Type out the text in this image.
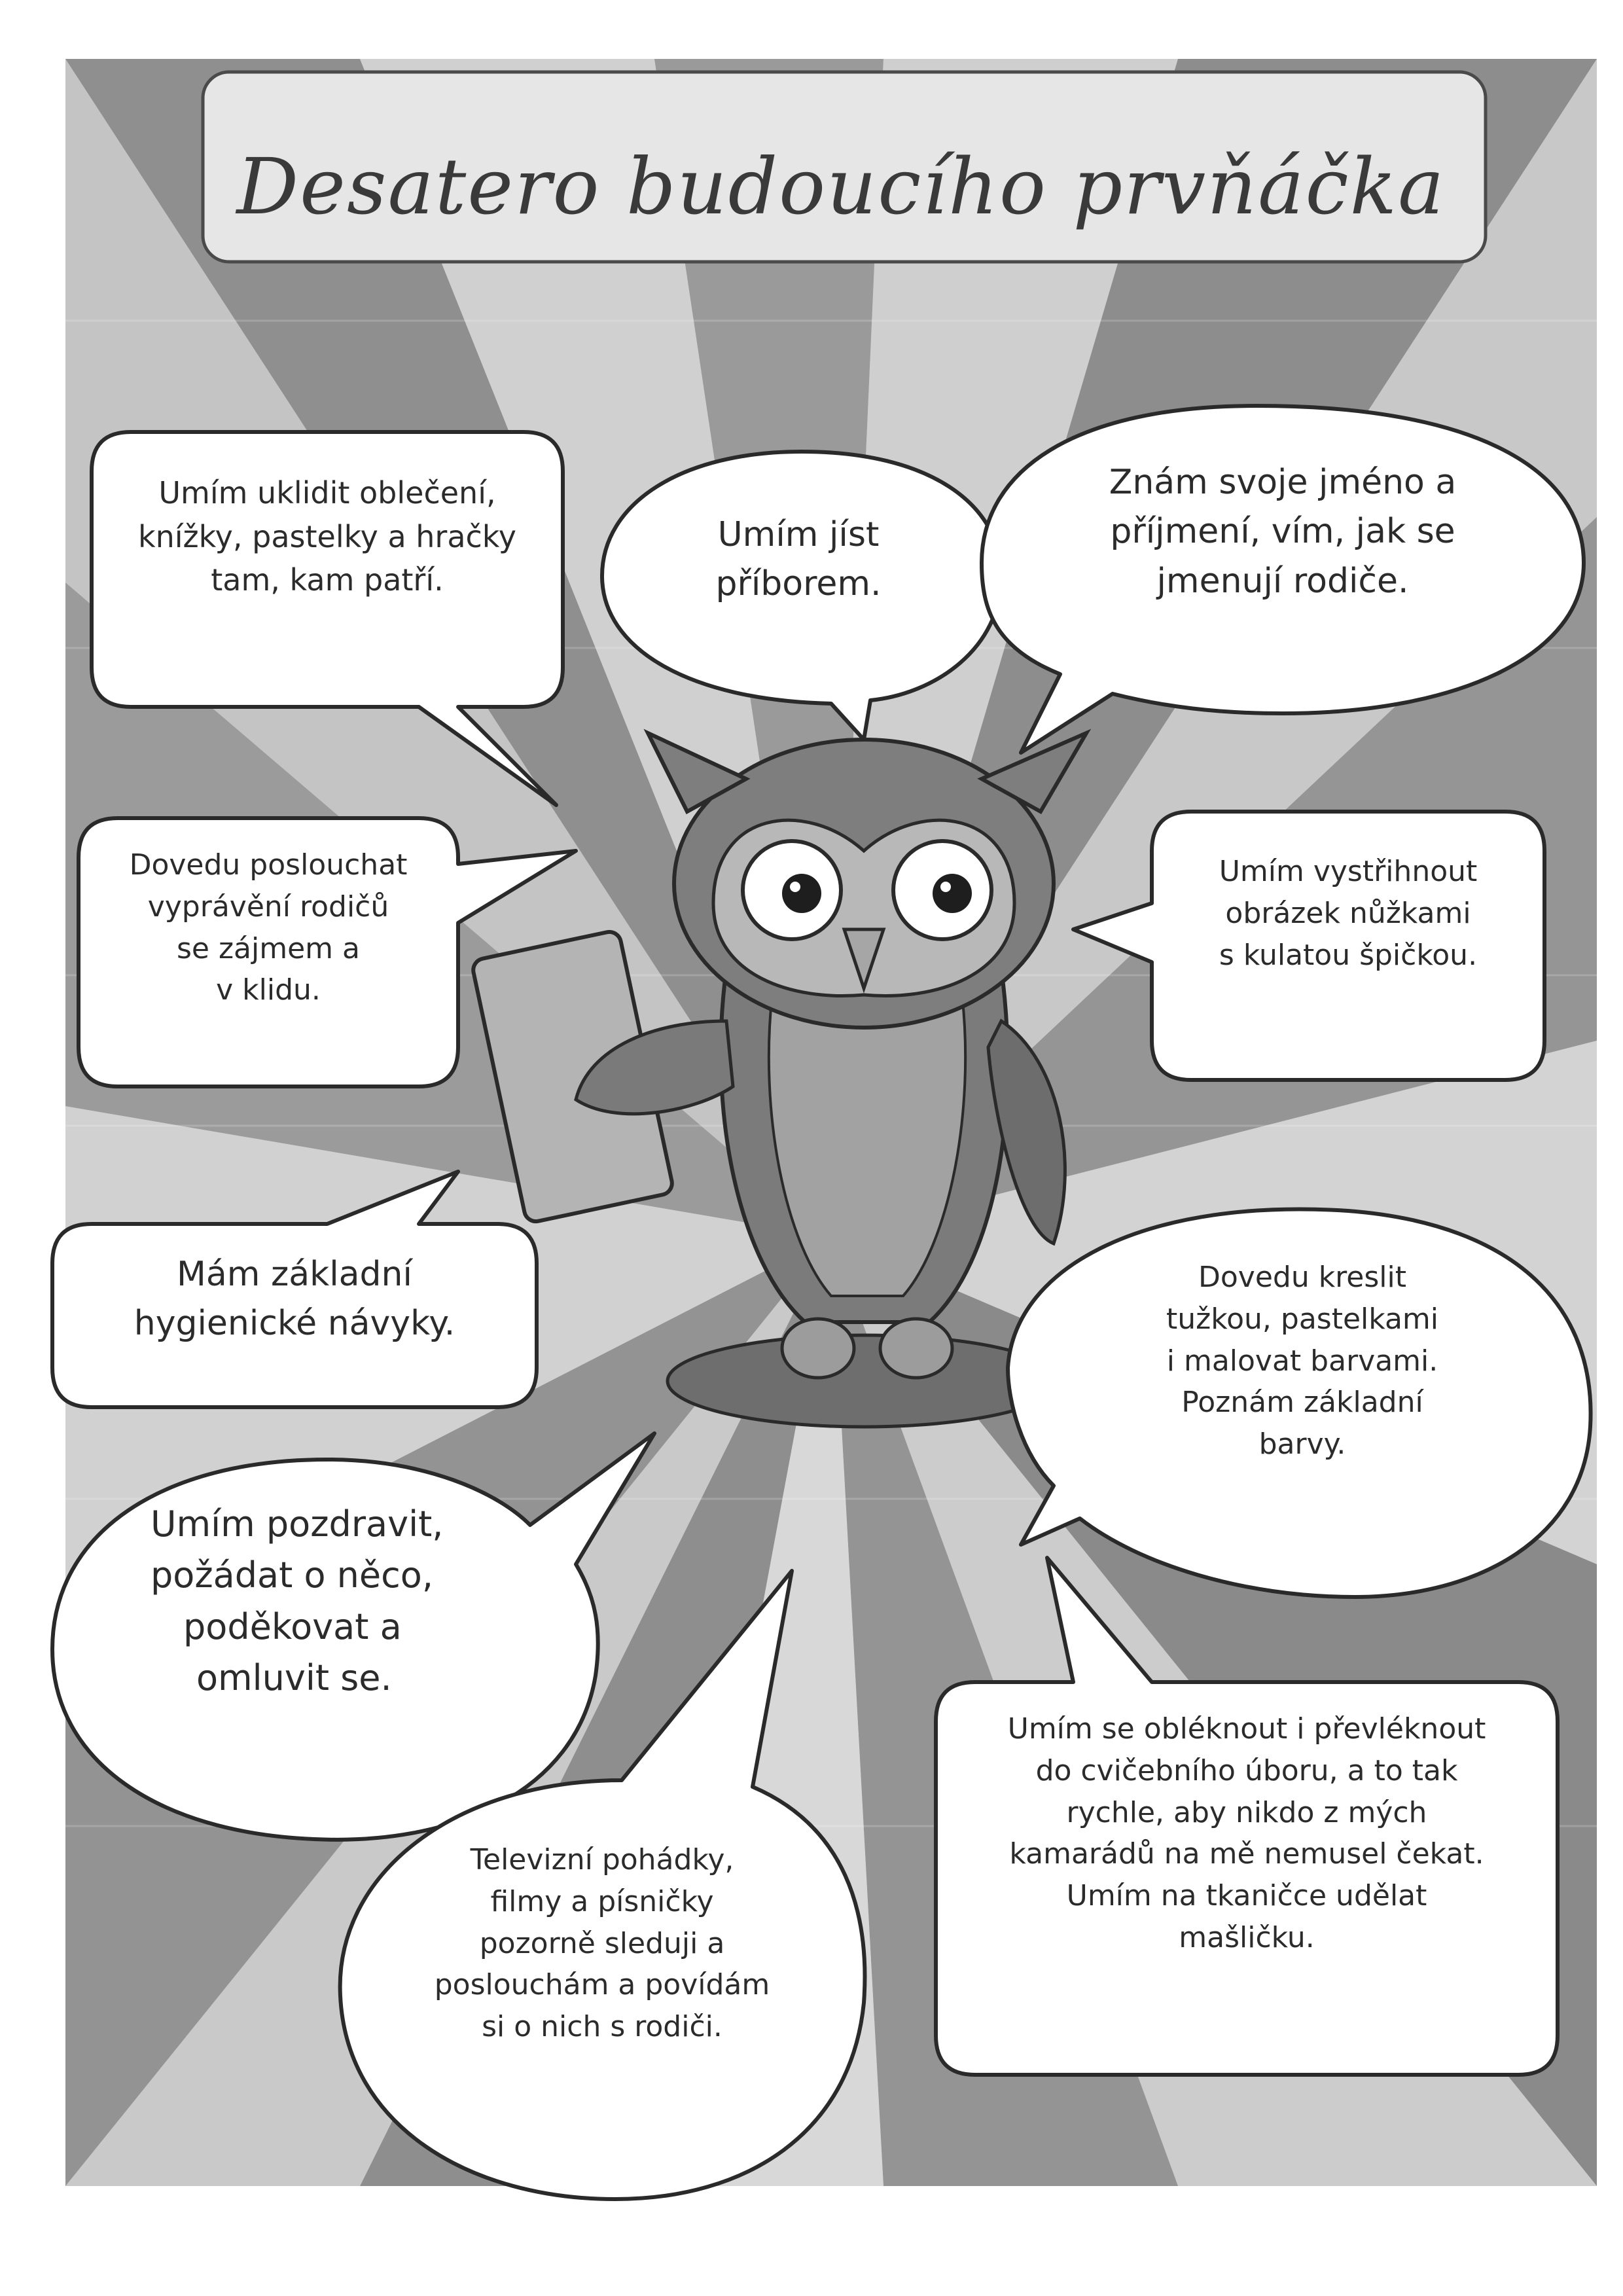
Desatero budoucího prvňáčka
Umím uklidit oblečení,
knížky, pastelky a hračky
tam, kam patří.
Umím jíst
příborem.
Znám svoje jméno a
příjmení, vím, jak se
jmenují rodiče.
Dovedu poslouchat
vyprávění rodičů
se zájmem a
v klidu.
Umím vystřihnout
obrázek nůžkami
s kulatou špičkou.
Mám základní
hygienické návyky.
Dovedu kreslit
tužkou, pastelkami
i malovat barvami.
Poznám základní
barvy.
Umím pozdravit,
požádat o něco,
poděkovat a
omluvit se.
Televizní pohádky,
filmy a písničky
pozorně sleduji a
poslouchám a povídám
si o nich s rodiči.
Umím se obléknout i převléknout
do cvičebního úboru, a to tak
rychle, aby nikdo z mých
kamarádů na mě nemusel čekat.
Umím na tkaničce udělat
mašličku.
